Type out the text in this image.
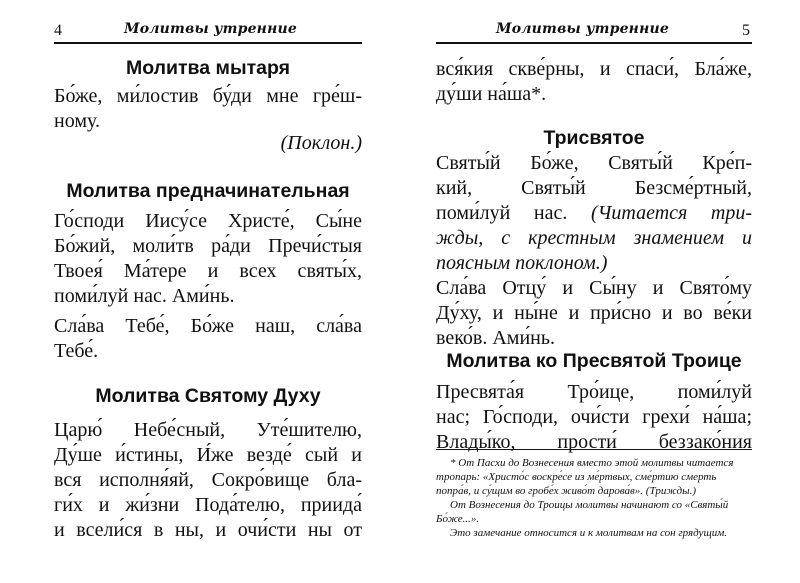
4	Молитвы утренние
Молитва мытаря
Бо́же, ми́лостив бу́ди мне гре́ш-
ному.
(Поклон.)
Молитва предначинательная
Го́споди Иису́се Христе́, Сы́не
Бо́жий, моли́тв ра́ди Пречи́стыя
Твоея́ Ма́тере и всех святы́х,
поми́луй нас. Ами́нь.
Сла́ва Тебе́, Бо́же наш, сла́ва
Тебе́.
Молитва Святому Духу
Царю́ Небе́сный, Уте́шителю,
Ду́ше и́стины, И́же везде́ сый и
вся исполня́яй, Сокро́вище бла-
ги́х и жи́зни Пода́телю, приида́
и всели́ся в ны, и очи́сти ны от
Молитвы утренние	5
вся́кия скве́рны, и спаси́, Бла́же,
ду́ши на́ша*.
Трисвятое
Святы́й Бо́же, Святы́й Кре́п-
кий, Святы́й Безсме́ртный,
поми́луй нас. (Читается три-
жды, с крестным знамением и
поясным поклоном.)
Сла́ва Отцу́ и Сы́ну и Свято́му
Ду́ху, и ны́не и при́сно и во ве́ки
веко́в. Ами́нь.
Молитва ко Пресвятой Троице
Пресвята́я Тро́ице, поми́луй
нас; Го́споди, очи́сти грехи́ на́ша;
Влады́ко, прости́ беззако́ния
* От Пасхи до Вознесения вместо этой молитвы читается
тропарь: «Христо́с воскре́се из ме́ртвых, сме́ртию смерть
попра́в, и су́щим во гробе́х живо́т дарова́в». (Трижды.)
От Вознесения до Троицы молитвы начинают со «Святы́й
Бо́же...».
Это замечание относится и к молитвам на сон грядущим.
